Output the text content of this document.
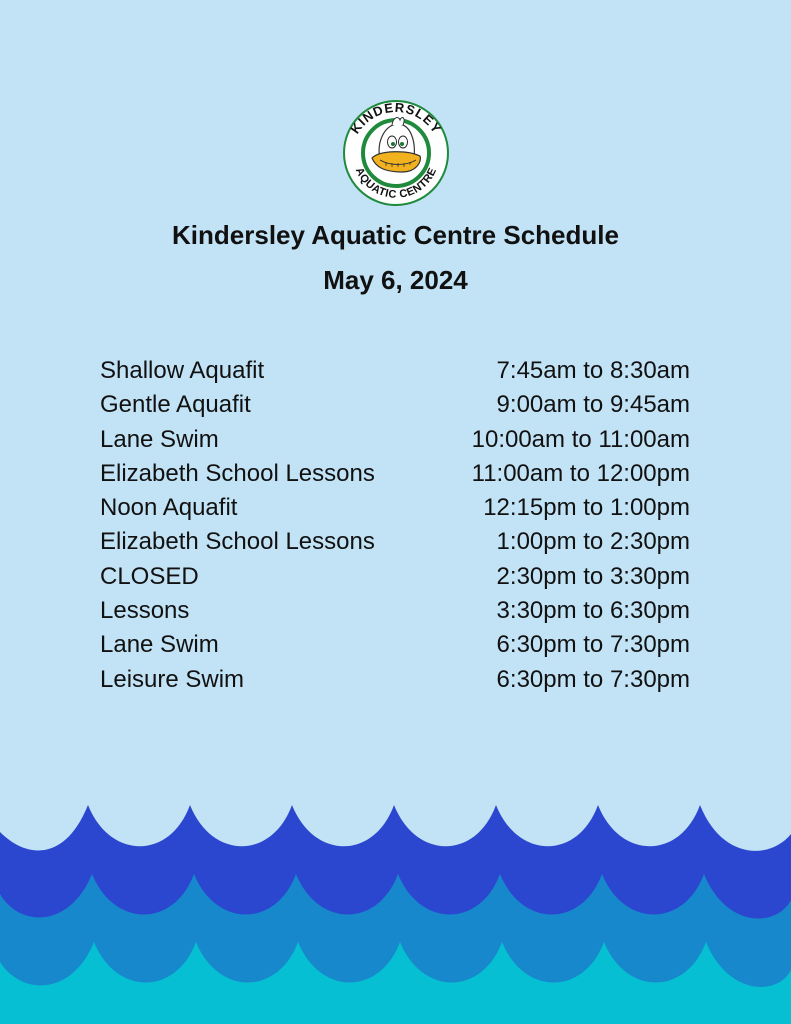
KINDERSLEY
AQUATIC CENTRE
Kindersley Aquatic Centre Schedule
May 6, 2024
Shallow Aquafit	7:45am to 8:30am
Gentle Aquafit	9:00am to 9:45am
Lane Swim	10:00am to 11:00am
Elizabeth School Lessons	11:00am to 12:00pm
Noon Aquafit	12:15pm to 1:00pm
Elizabeth School Lessons	1:00pm to 2:30pm
CLOSED	2:30pm to 3:30pm
Lessons	3:30pm to 6:30pm
Lane Swim	6:30pm to 7:30pm
Leisure Swim	6:30pm to 7:30pm
